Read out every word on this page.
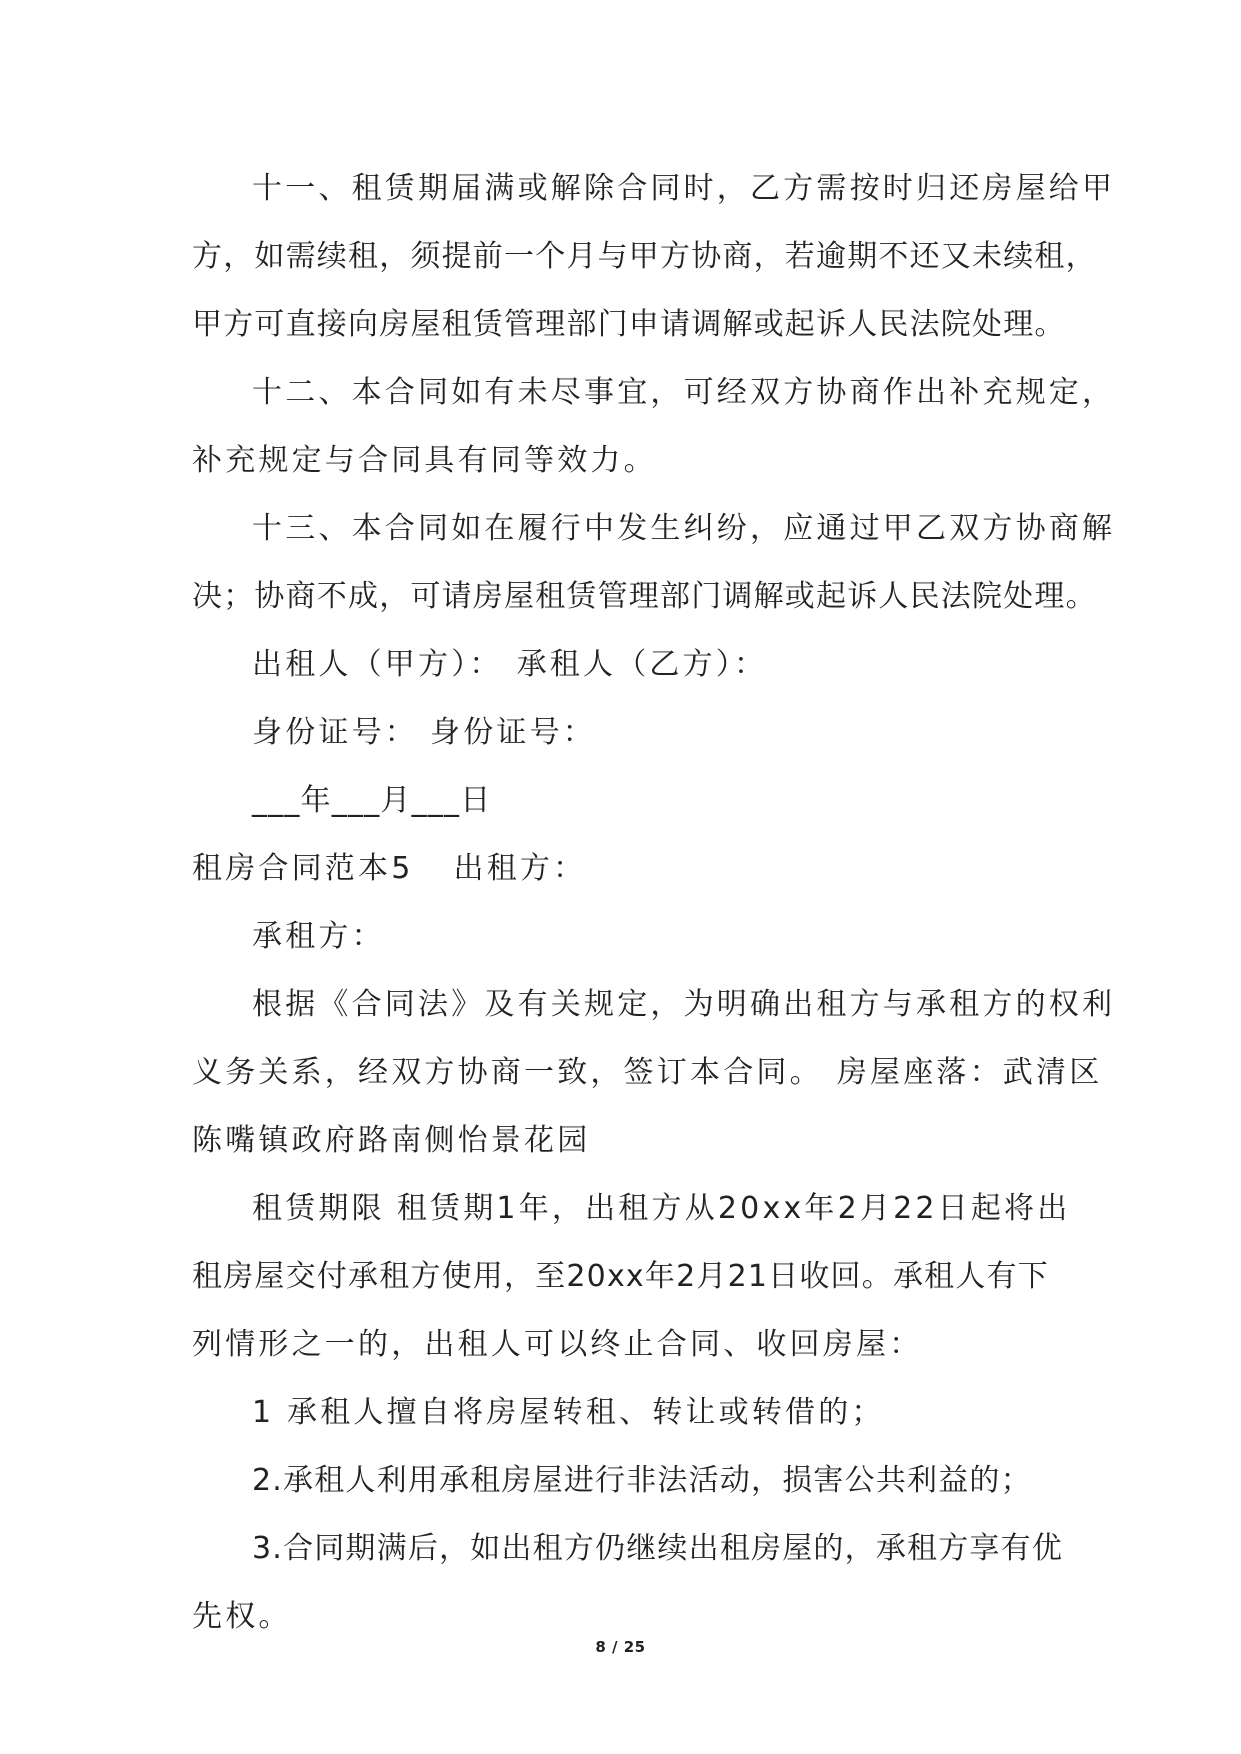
十一、租赁期届满或解除合同时，乙方需按时归还房屋给甲
方，如需续租，须提前一个月与甲方协商，若逾期不还又未续租，
甲方可直接向房屋租赁管理部门申请调解或起诉人民法院处理。
十二、本合同如有未尽事宜，可经双方协商作出补充规定，
补充规定与合同具有同等效力。
十三、本合同如在履行中发生纠纷，应通过甲乙双方协商解
决；协商不成，可请房屋租赁管理部门调解或起诉人民法院处理。
出租人（甲方）： 承租人（乙方）：
身份证号： 身份证号：
___年___月___日
租房合同范本5 出租方：
承租方：
根据《合同法》及有关规定，为明确出租方与承租方的权利
义务关系，经双方协商一致，签订本合同。 房屋座落：武清区
陈嘴镇政府路南侧怡景花园
租赁期限 租赁期1年，出租方从20xx年2月22日起将出
租房屋交付承租方使用，至20xx年2月21日收回。承租人有下
列情形之一的，出租人可以终止合同、收回房屋：
1 承租人擅自将房屋转租、转让或转借的；
2.承租人利用承租房屋进行非法活动，损害公共利益的；
3.合同期满后，如出租方仍继续出租房屋的，承租方享有优
先权。
8 / 25
